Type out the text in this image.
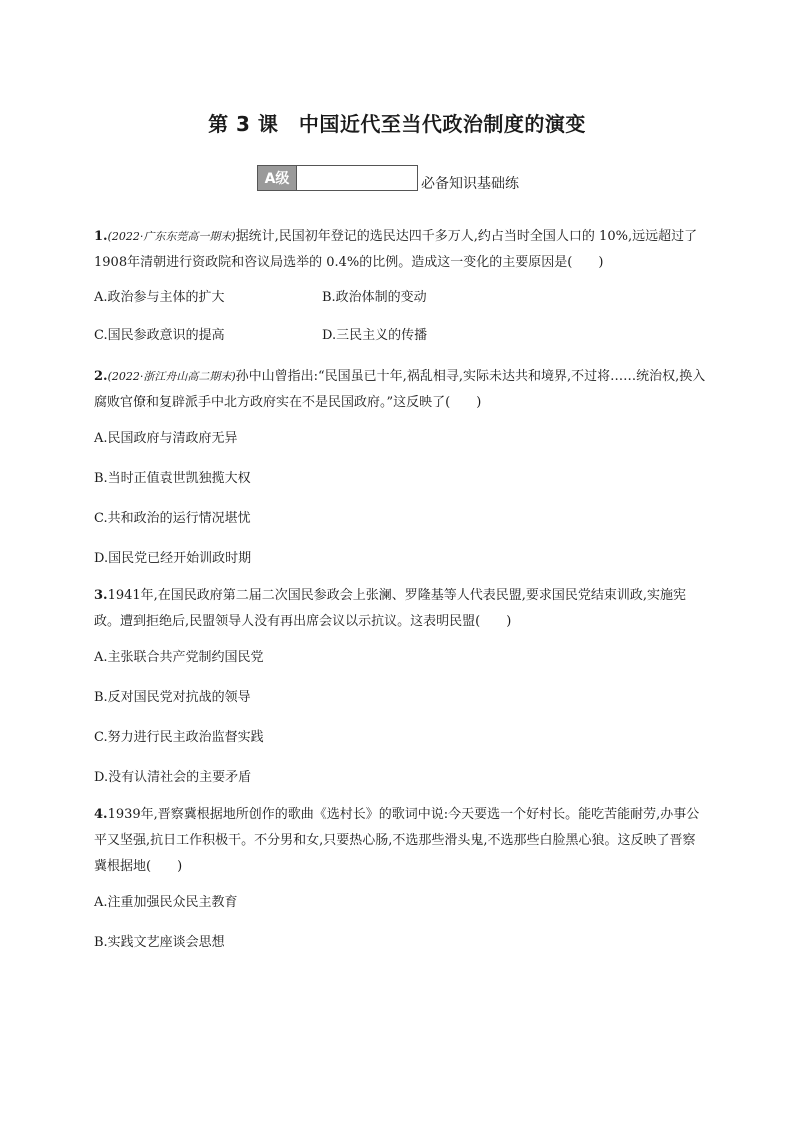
第 3 课　中国近代至当代政治制度的演变
A级	必备知识基础练

1.(2022·广东东莞高一期末)据统计,民国初年登记的选民达四千多万人,约占当时全国人口的 10%,远远超过了 1908年清朝进行资政院和咨议局选举的 0.4%的比例。造成这一变化的主要原因是(　　)

A.政治参与主体的扩大	B.政治体制的变动
C.国民参政意识的提高	D.三民主义的传播

2.(2022·浙江舟山高二期末)孙中山曾指出:“民国虽已十年,祸乱相寻,实际未达共和境界,不过将……统治权,换入腐败官僚和复辟派手中北方政府实在不是民国政府。”这反映了(　　)

A.民国政府与清政府无异
B.当时正值袁世凯独揽大权
C.共和政治的运行情况堪忧
D.国民党已经开始训政时期

3.1941年,在国民政府第二届二次国民参政会上张澜、罗隆基等人代表民盟,要求国民党结束训政,实施宪政。遭到拒绝后,民盟领导人没有再出席会议以示抗议。这表明民盟(　　)

A.主张联合共产党制约国民党
B.反对国民党对抗战的领导
C.努力进行民主政治监督实践
D.没有认清社会的主要矛盾

4.1939年,晋察冀根据地所创作的歌曲《选村长》的歌词中说:今天要选一个好村长。能吃苦能耐劳,办事公平又坚强,抗日工作积极干。不分男和女,只要热心肠,不选那些滑头鬼,不选那些白脸黑心狼。这反映了晋察冀根据地(　　)

A.注重加强民众民主教育
B.实践文艺座谈会思想
